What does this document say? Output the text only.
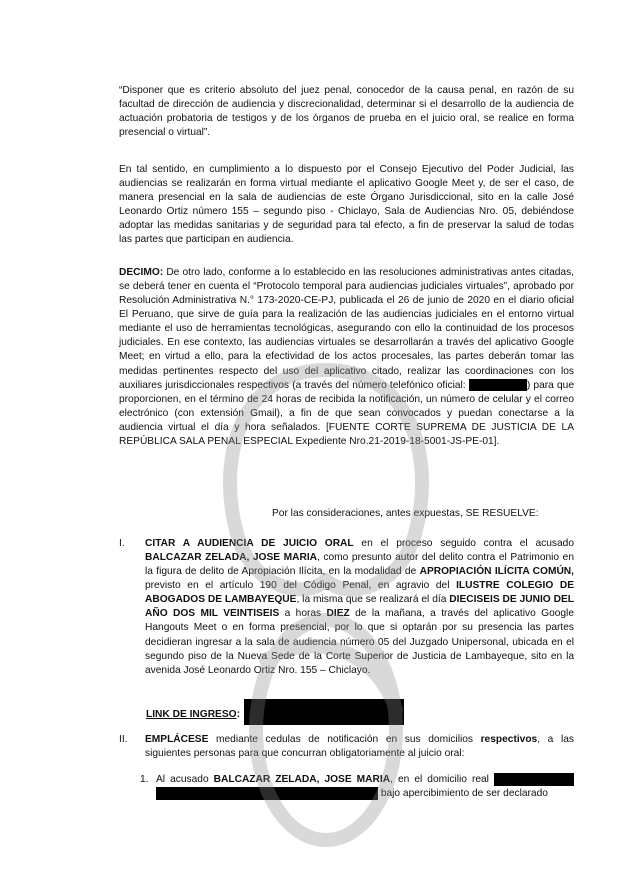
“Disponer que es criterio absoluto del juez penal, conocedor de la causa penal, en razón de su facultad de dirección de audiencia y discrecionalidad, determinar si el desarrollo de la audiencia de actuación probatoria de testigos y de los órganos de prueba en el juicio oral, se realice en forma presencial o virtual”.
En tal sentido, en cumplimiento a lo dispuesto por el Consejo Ejecutivo del Poder Judicial, las audiencias se realizarán en forma virtual mediante el aplicativo Google Meet y, de ser el caso, de manera presencial en la sala de audiencias de este Órgano Jurisdiccional, sito en la calle José Leonardo Ortiz número 155 – segundo piso - Chiclayo, Sala de Audiencias Nro. 05, debiéndose adoptar las medidas sanitarias y de seguridad para tal efecto, a fin de preservar la salud de todas las partes que participan en audiencia.
DECIMO: De otro lado, conforme a lo establecido en las resoluciones administrativas antes citadas, se deberá tener en cuenta el “Protocolo temporal para audiencias judiciales virtuales”, aprobado por Resolución Administrativa N.° 173-2020-CE-PJ, publicada el 26 de junio de 2020 en el diario oficial El Peruano, que sirve de guía para la realización de las audiencias judiciales en el entorno virtual mediante el uso de herramientas tecnológicas, asegurando con ello la continuidad de los procesos judiciales. En ese contexto, las audiencias virtuales se desarrollarán a través del aplicativo Google Meet; en virtud a ello, para la efectividad de los actos procesales, las partes deberán tomar las medidas pertinentes respecto del uso del aplicativo citado, realizar las coordinaciones con los auxiliares jurisdiccionales respectivos (a través del número telefónico oficial:	) para que proporcionen, en el término de 24 horas de recibida la notificación, un número de celular y el correo electrónico (con extensión Gmail), a fin de que sean convocados y puedan conectarse a la audiencia virtual el día y hora señalados. [FUENTE CORTE SUPREMA DE JUSTICIA DE LA REPÚBLICA SALA PENAL ESPECIAL Expediente Nro.21-2019-18-5001-JS-PE-01].
Por las consideraciones, antes expuestas, SE RESUELVE:
I. CITAR A AUDIENCIA DE JUICIO ORAL en el proceso seguido contra el acusado BALCAZAR ZELADA, JOSE MARIA, como presunto autor del delito contra el Patrimonio en la figura de delito de Apropiación Ilícita, en la modalidad de APROPIACIÓN ILÍCITA COMÚN, previsto en el artículo 190 del Código Penal, en agravio del ILUSTRE COLEGIO DE ABOGADOS DE LAMBAYEQUE, la misma que se realizará el día DIECISEIS DE JUNIO DEL AÑO DOS MIL VEINTISEIS a horas DIEZ de la mañana, a través del aplicativo Google Hangouts Meet o en forma presencial, por lo que si optarán por su presencia las partes decidieran ingresar a la sala de audiencia número 05 del Juzgado Unipersonal, ubicada en el segundo piso de la Nueva Sede de la Corte Superior de Justicia de Lambayeque, sito en la avenida José Leonardo Ortiz Nro. 155 – Chiclayo.
LINK DE INGRESO:
II. EMPLÁCESE mediante cedulas de notificación en sus domicilios respectivos, a las siguientes personas para que concurran obligatoriamente al juicio oral:
1. Al acusado BALCAZAR ZELADA, JOSE MARIA, en el domicilio real   bajo apercibimiento de ser declarado
